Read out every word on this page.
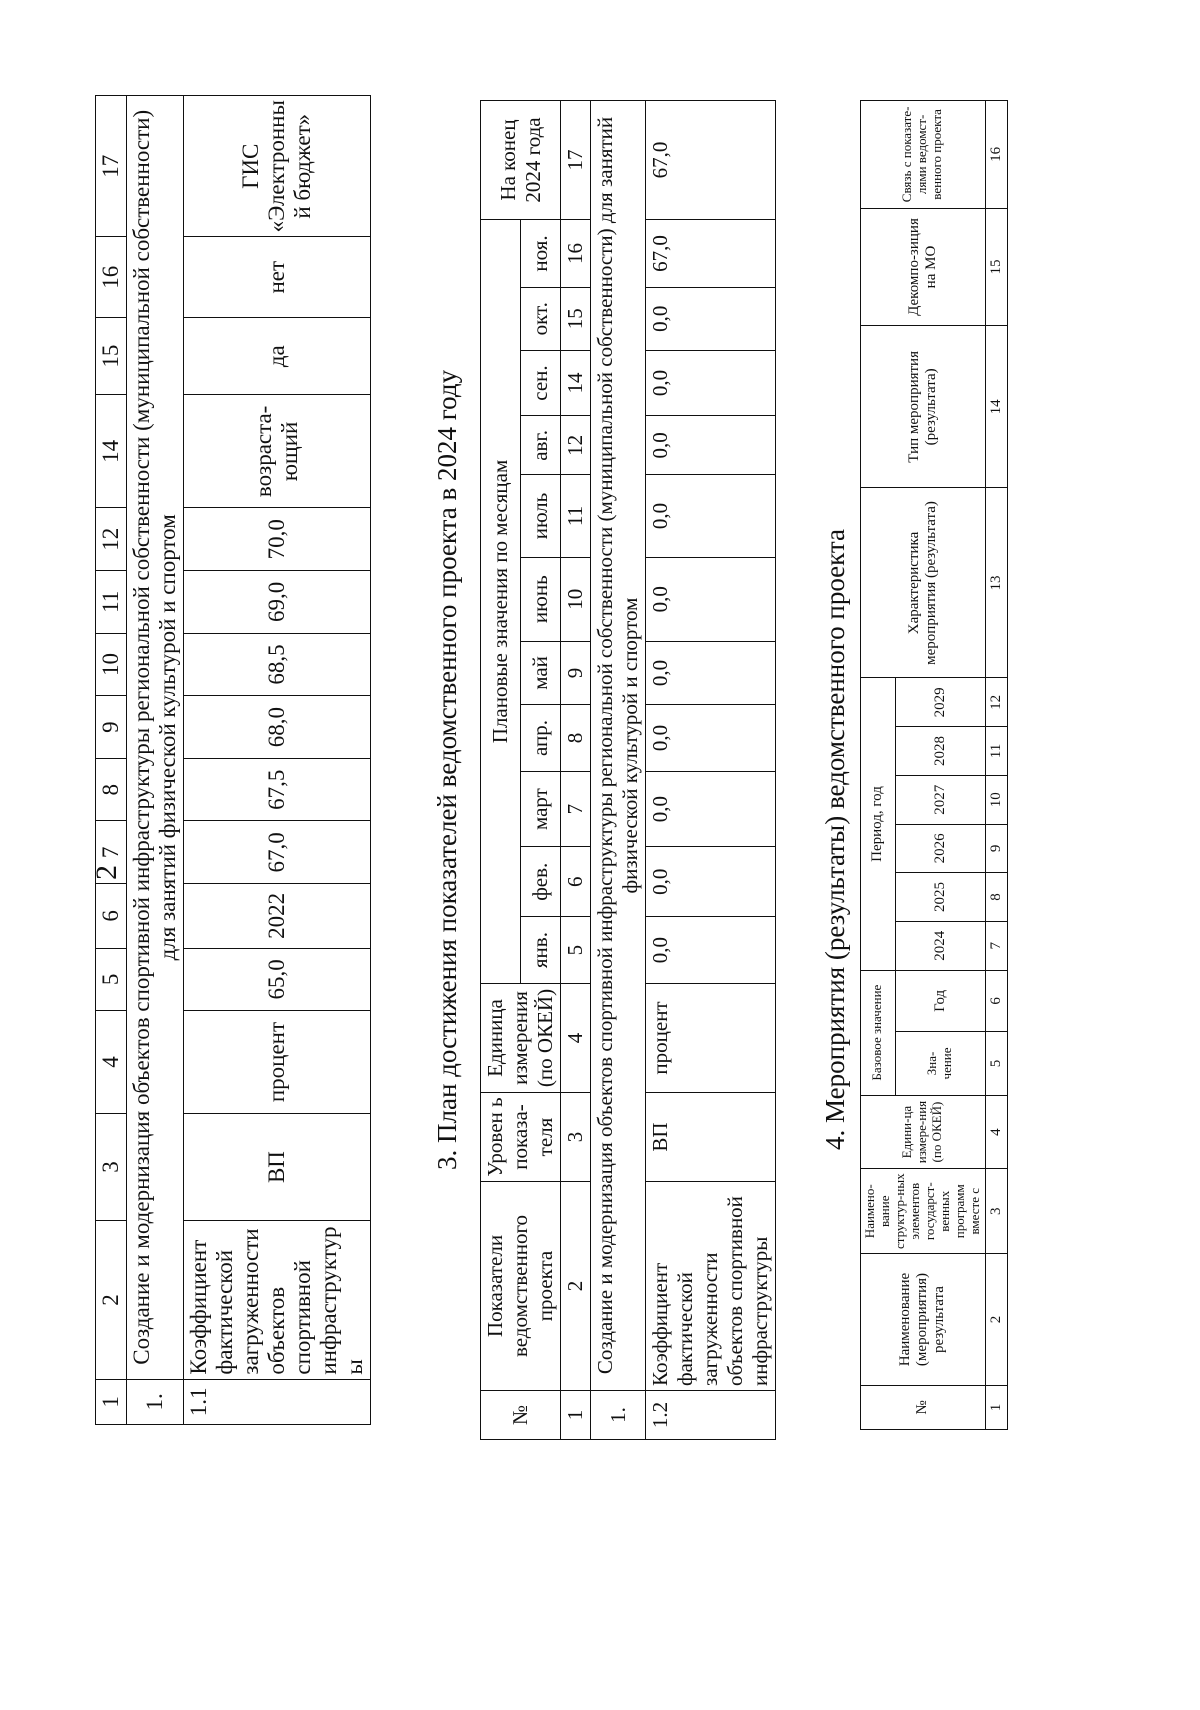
2
1	2	3	4	5	6	7	8	9	10	11	12	14	15	16	17
1.	Создание и модернизация объектов спортивной инфраструктуры региональной собственности (муниципальной собственности) для занятий физической культурой и спортом														
1.1	Коэффициент фактической загруженности объектов спортивной инфраструктур ы	ВП	процент	65,0	2022	67,0	67,5	68,0	68,5	69,0	70,0	возраста-ющий	да	нет	ГИС «Электронны й бюджет»
3. План достижения показателей ведомственного проекта в 2024 году
№	Показатели ведомственного проекта	Уровен ь показа-теля	Единица измерения (по ОКЕЙ)	Плановые значения по месяцам											На конец 2024 года
				янв.	фев.	март	апр.	май	июнь	июль	авг.	сен.	окт.	ноя.	
1	2	3	4	5	6	7	8	9	10	11	12	14	15	16	17
1.	Создание и модернизация объектов спортивной инфраструктуры региональной собственности (муниципальной собственности) для занятий физической культурой и спортом														
1.2	Коэффициент фактической загруженности объектов спортивной инфраструктуры	ВП	процент	0,0	0,0	0,0	0,0	0,0	0,0	0,0	0,0	0,0	0,0	67,0	67,0
4. Мероприятия (результаты) ведомственного проекта
№	Наименование (мероприятия) результата	Наимено-вание структур-ных элементов государст-венных программ вместе с	Едини-ца измере-ния (по ОКЕЙ)	Базовое значение		Период, год						Характеристика мероприятия (результата)	Тип мероприятия (результата)	Декомпо-зиция на МО	Связь с показате-лями ведомст-венного проекта
				Зна-чение	Год	2024	2025	2026	2027	2028	2029				
1	2	3	4	5	6	7	8	9	10	11	12	13	14	15	16
